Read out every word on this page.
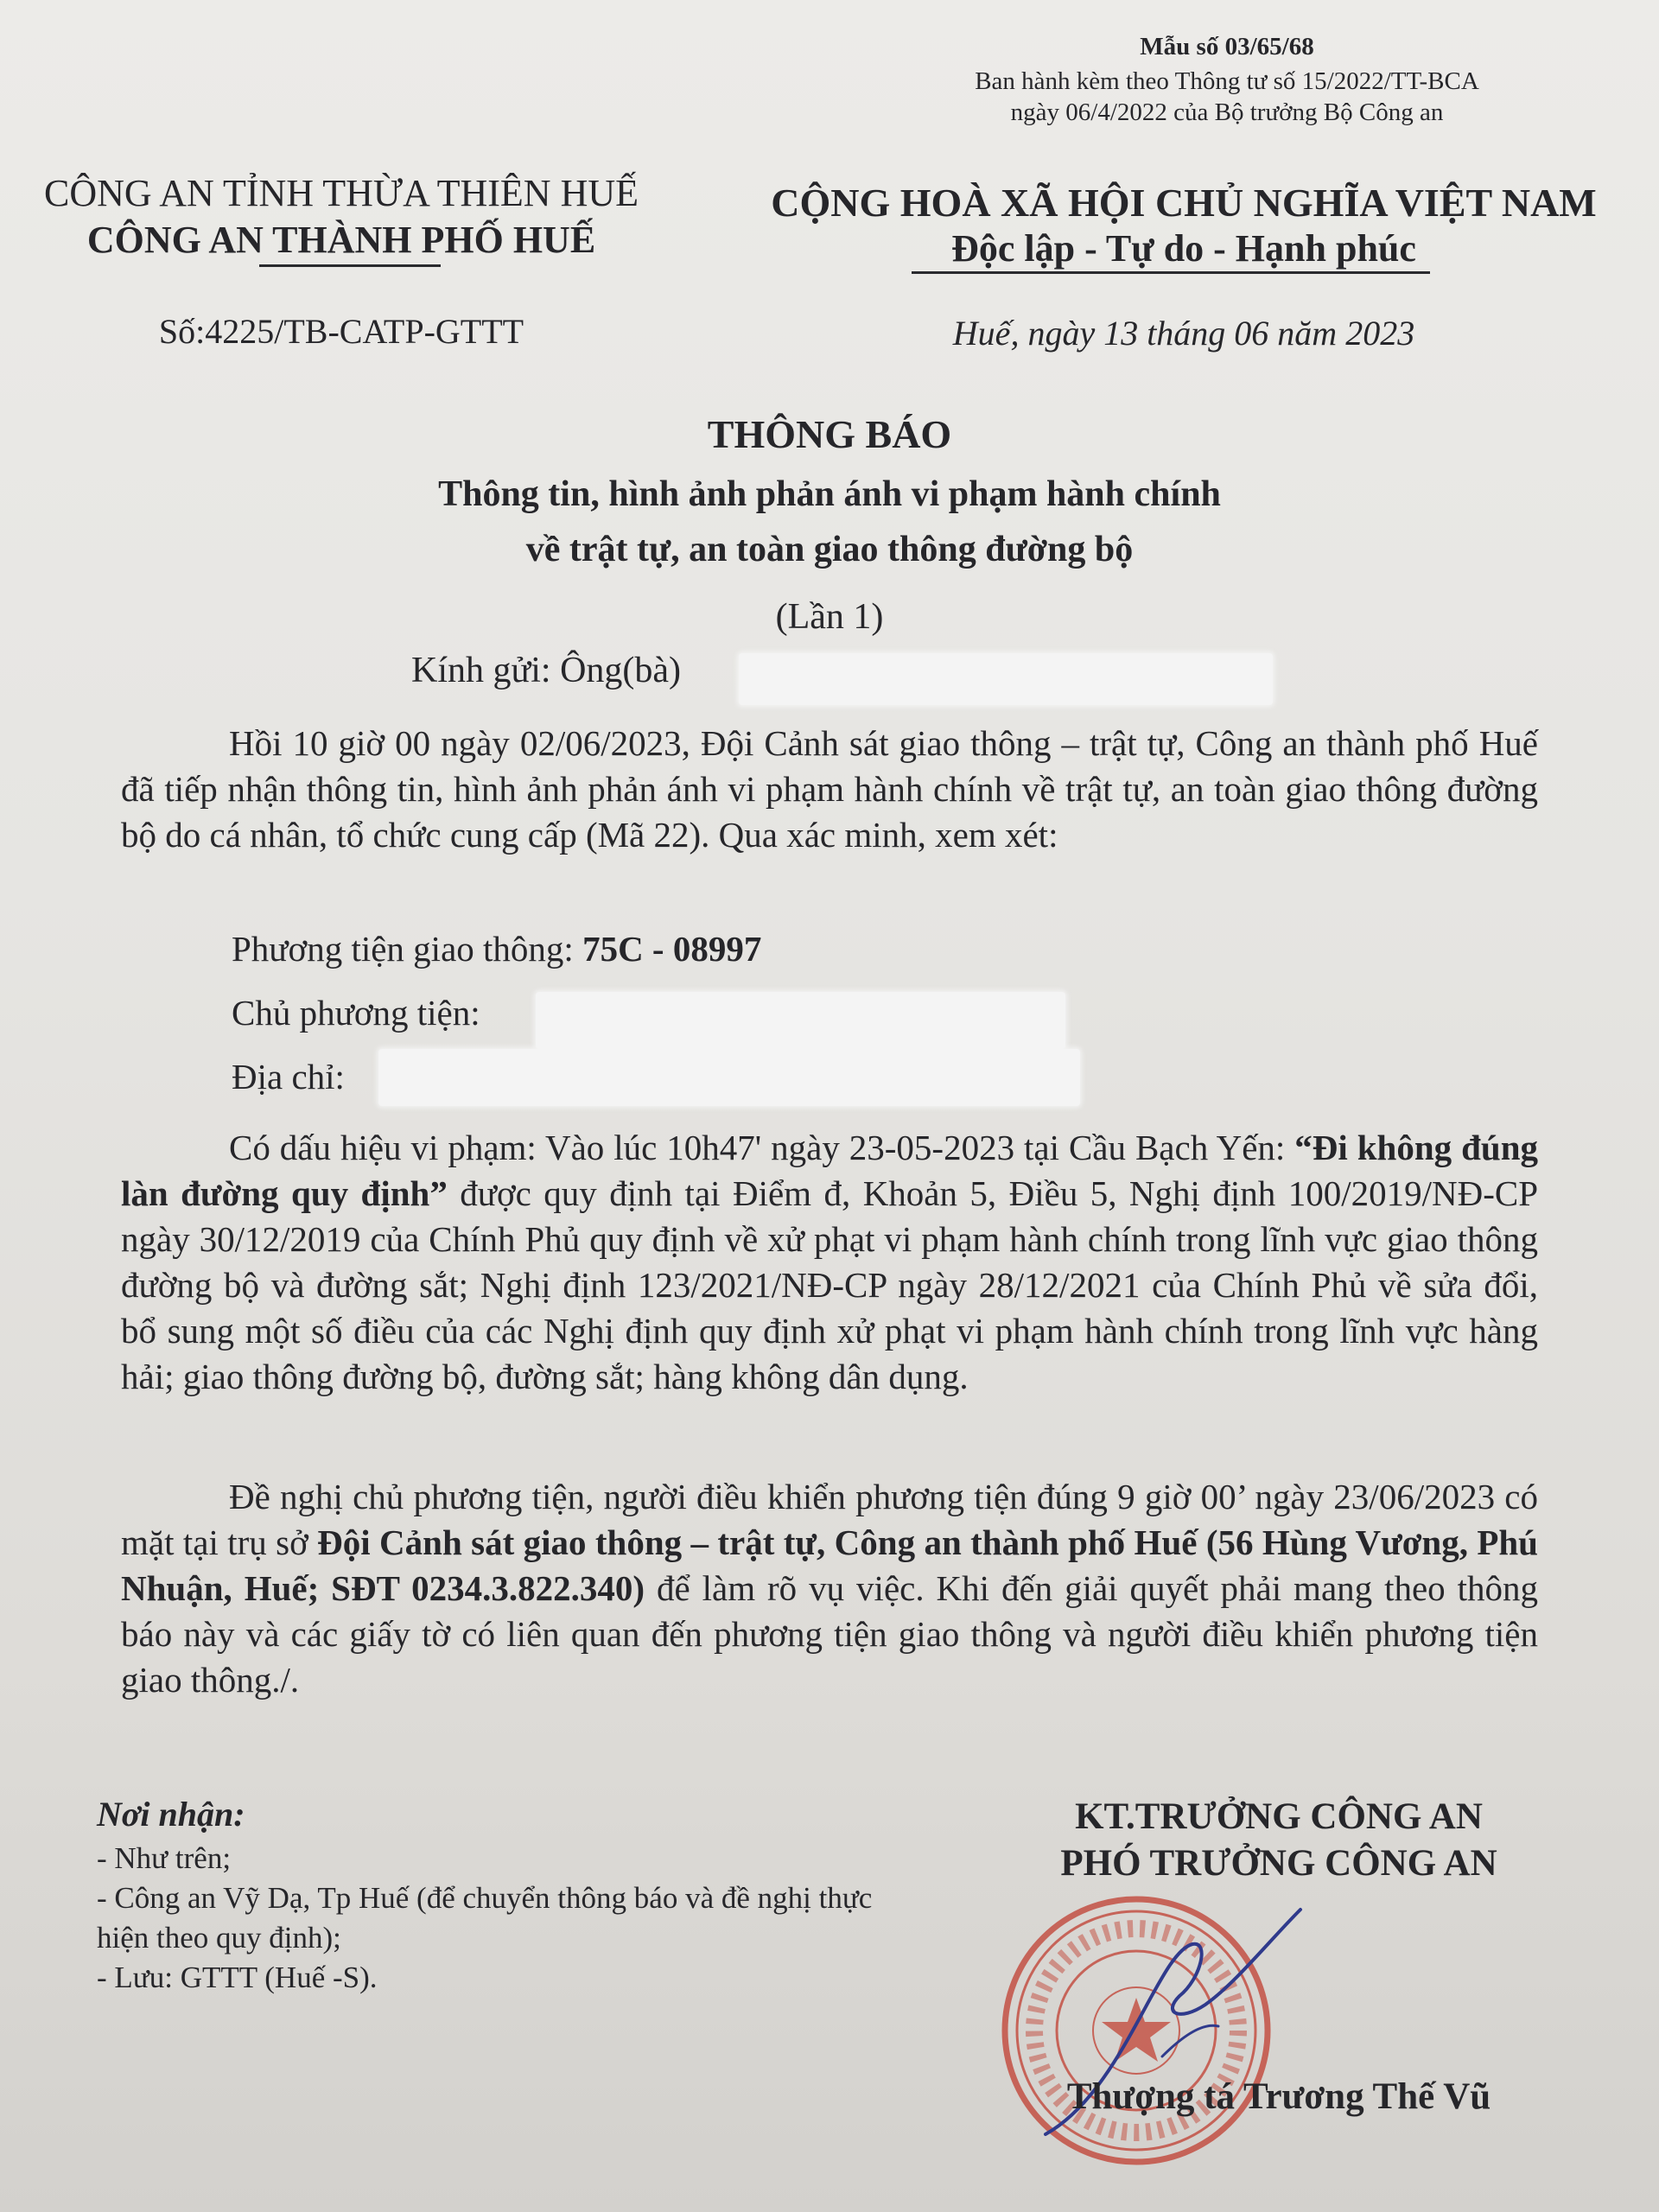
Mẫu số 03/65/68
Ban hành kèm theo Thông tư số 15/2022/TT-BCA
ngày 06/4/2022 của Bộ trưởng Bộ Công an
CÔNG AN TỈNH THỪA THIÊN HUẾ
CÔNG AN THÀNH PHỐ HUẾ
Số:4225/TB-CATP-GTTT
CỘNG HOÀ XÃ HỘI CHỦ NGHĨA VIỆT NAM
Độc lập - Tự do - Hạnh phúc
Huế, ngày 13 tháng 06 năm 2023
THÔNG BÁO
Thông tin, hình ảnh phản ánh vi phạm hành chính
về trật tự, an toàn giao thông đường bộ
(Lần 1)
Kính gửi: Ông(bà)
Hồi 10 giờ 00 ngày 02/06/2023, Đội Cảnh sát giao thông – trật tự, Công an thành phố Huế đã tiếp nhận thông tin, hình ảnh phản ánh vi phạm hành chính về trật tự, an toàn giao thông đường bộ do cá nhân, tổ chức cung cấp (Mã 22). Qua xác minh, xem xét:
Phương tiện giao thông: 75C - 08997
Chủ phương tiện:
Địa chỉ:
Có dấu hiệu vi phạm: Vào lúc 10h47' ngày 23-05-2023 tại Cầu Bạch Yến: “Đi không đúng làn đường quy định” được quy định tại Điểm đ, Khoản 5, Điều 5, Nghị định 100/2019/NĐ-CP ngày 30/12/2019 của Chính Phủ quy định về xử phạt vi phạm hành chính trong lĩnh vực giao thông đường bộ và đường sắt; Nghị định 123/2021/NĐ-CP ngày 28/12/2021 của Chính Phủ về sửa đổi, bổ sung một số điều của các Nghị định quy định xử phạt vi phạm hành chính trong lĩnh vực hàng hải; giao thông đường bộ, đường sắt; hàng không dân dụng.
Đề nghị chủ phương tiện, người điều khiển phương tiện đúng 9 giờ 00’ ngày 23/06/2023 có mặt tại trụ sở Đội Cảnh sát giao thông – trật tự, Công an thành phố Huế (56 Hùng Vương, Phú Nhuận, Huế; SĐT 0234.3.822.340) để làm rõ vụ việc. Khi đến giải quyết phải mang theo thông báo này và các giấy tờ có liên quan đến phương tiện giao thông và người điều khiển phương tiện giao thông./.
Nơi nhận:
- Như trên;
- Công an Vỹ Dạ, Tp Huế (để chuyển thông báo và đề nghị thực hiện theo quy định);
- Lưu: GTTT (Huế -S).
KT.TRƯỞNG CÔNG AN
PHÓ TRƯỞNG CÔNG AN
Thượng tá Trương Thế Vũ
